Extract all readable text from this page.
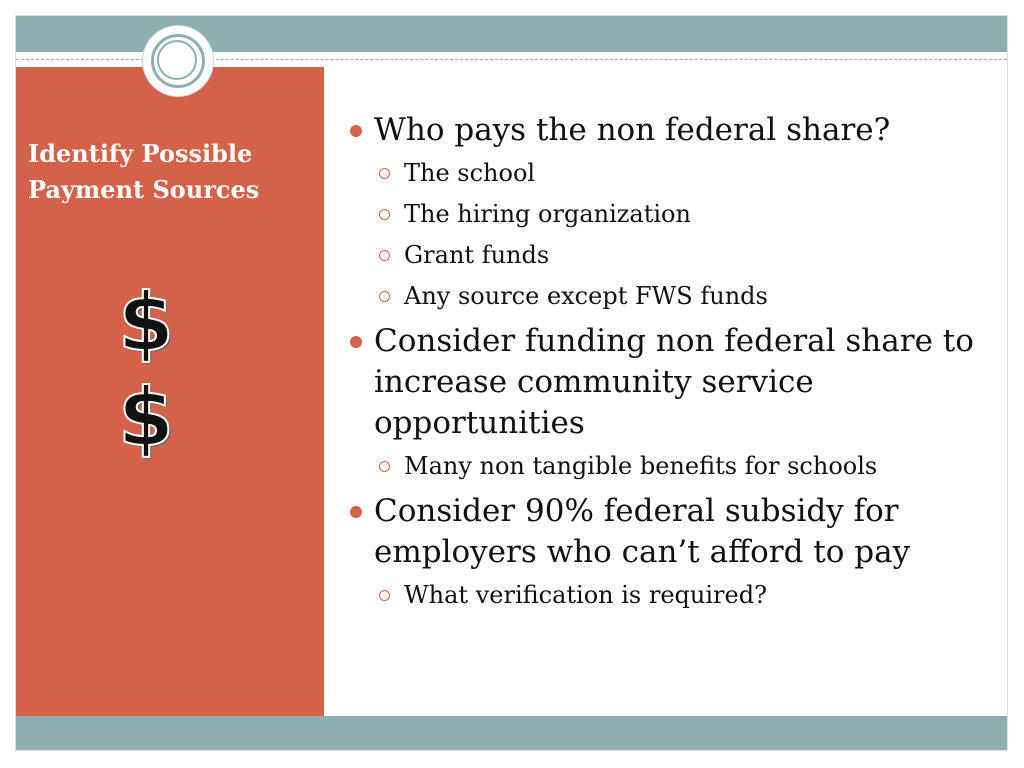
Identify Possible Payment Sources
$
$
Who pays the non federal share?
The school
The hiring organization
Grant funds
Any source except FWS funds
Consider funding non federal share to increase community service opportunities
Many non tangible benefits for schools
Consider 90% federal subsidy for employers who can’t afford to pay
What verification is required?
